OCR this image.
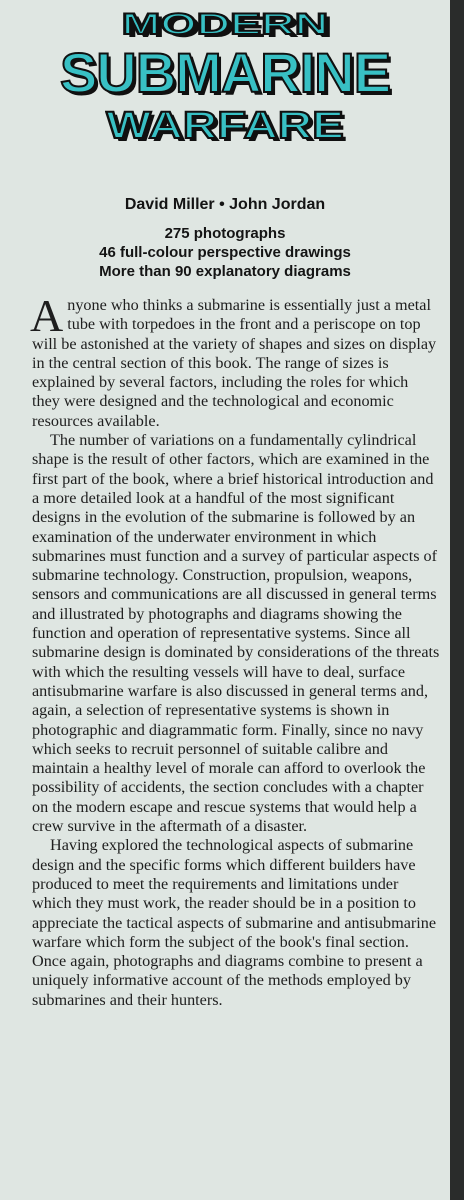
MODERN
SUBMARINE
WARFARE
David Miller • John Jordan
275 photographs
46 full-colour perspective drawings
More than 90 explanatory diagrams

Anyone who thinks a submarine is essentially just a metal tube with torpedoes in the front and a periscope on top will be astonished at the variety of shapes and sizes on display in the central section of this book. The range of sizes is explained by several factors, including the roles for which they were designed and the technological and economic resources available.

The number of variations on a fundamentally cylindrical shape is the result of other factors, which are examined in the first part of the book, where a brief historical introduction and a more detailed look at a handful of the most significant designs in the evolution of the submarine is followed by an examination of the underwater environment in which submarines must function and a survey of particular aspects of submarine technology. Construction, propulsion, weapons, sensors and communications are all discussed in general terms and illustrated by photographs and diagrams showing the function and operation of representative systems. Since all submarine design is dominated by considerations of the threats with which the resulting vessels will have to deal, surface antisubmarine warfare is also discussed in general terms and, again, a selection of representative systems is shown in photographic and diagrammatic form. Finally, since no navy which seeks to recruit personnel of suitable calibre and maintain a healthy level of morale can afford to overlook the possibility of accidents, the section concludes with a chapter on the modern escape and rescue systems that would help a crew survive in the aftermath of a disaster.

Having explored the technological aspects of submarine design and the specific forms which different builders have produced to meet the requirements and limitations under which they must work, the reader should be in a position to appreciate the tactical aspects of submarine and antisubmarine warfare which form the subject of the book's final section. Once again, photographs and diagrams combine to present a uniquely informative account of the methods employed by submarines and their hunters.
